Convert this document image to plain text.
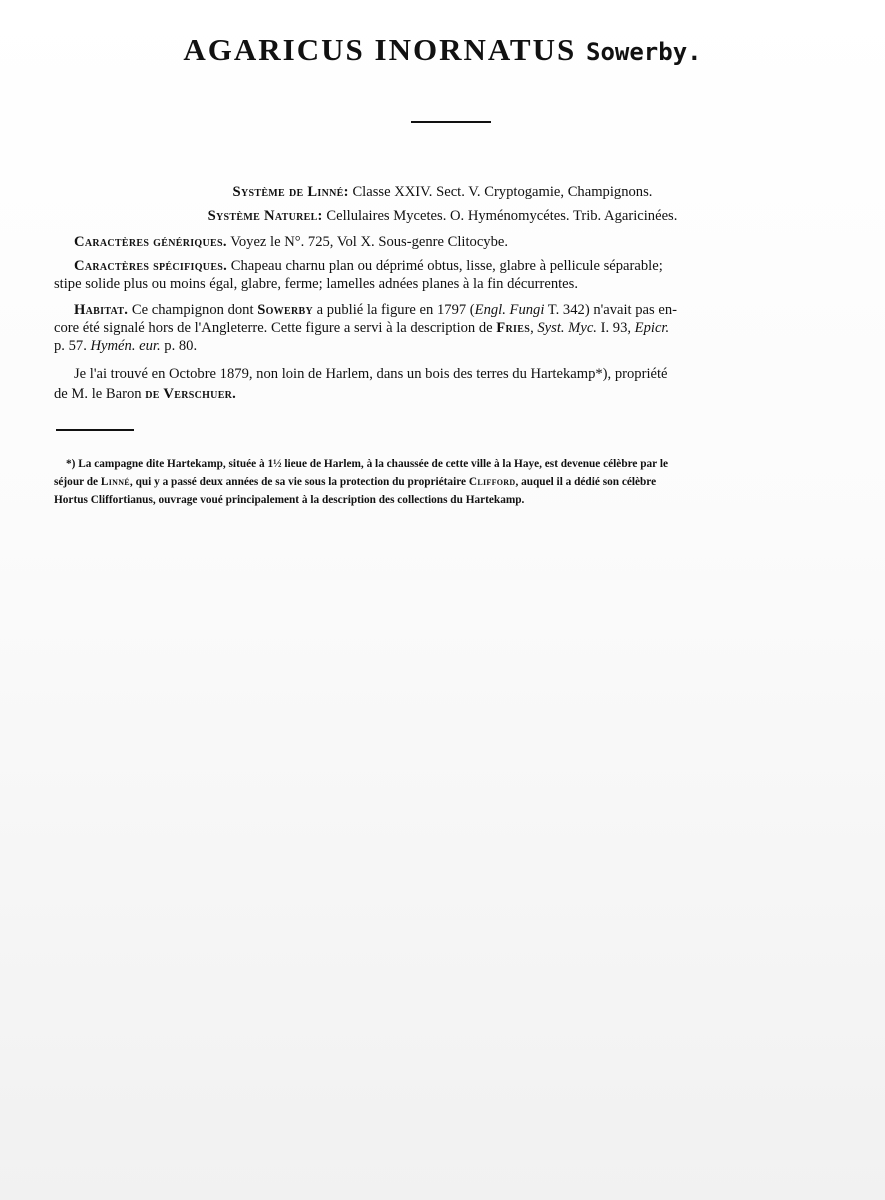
AGARICUS INORNATUS Sowerby.
Système de Linné: Classe XXIV. Sect. V. Cryptogamie, Champignons.
Système Naturel: Cellulaires Mycetes. O. Hyménomycétes. Trib. Agaricinées.
Caractères génériques. Voyez le N°. 725, Vol X. Sous-genre Clitocybe.
Caractères spécifiques. Chapeau charnu plan ou déprimé obtus, lisse, glabre à pellicule séparable;
stipe solide plus ou moins égal, glabre, ferme; lamelles adnées planes à la fin décurrentes.
Habitat. Ce champignon dont Sowerby a publié la figure en 1797 (Engl. Fungi T. 342) n'avait pas en-
core été signalé hors de l'Angleterre. Cette figure a servi à la description de Fries, Syst. Myc. I. 93, Epicr.
p. 57. Hymén. eur. p. 80.
Je l'ai trouvé en Octobre 1879, non loin de Harlem, dans un bois des terres du Hartekamp*), propriété
de M. le Baron de Verschuer.
*) La campagne dite Hartekamp, située à 1½ lieue de Harlem, à la chaussée de cette ville à la Haye, est devenue célèbre par le
séjour de Linné, qui y a passé deux années de sa vie sous la protection du propriétaire Clifford, auquel il a dédié son célèbre
Hortus Cliffortianus, ouvrage voué principalement à la description des collections du Hartekamp.
